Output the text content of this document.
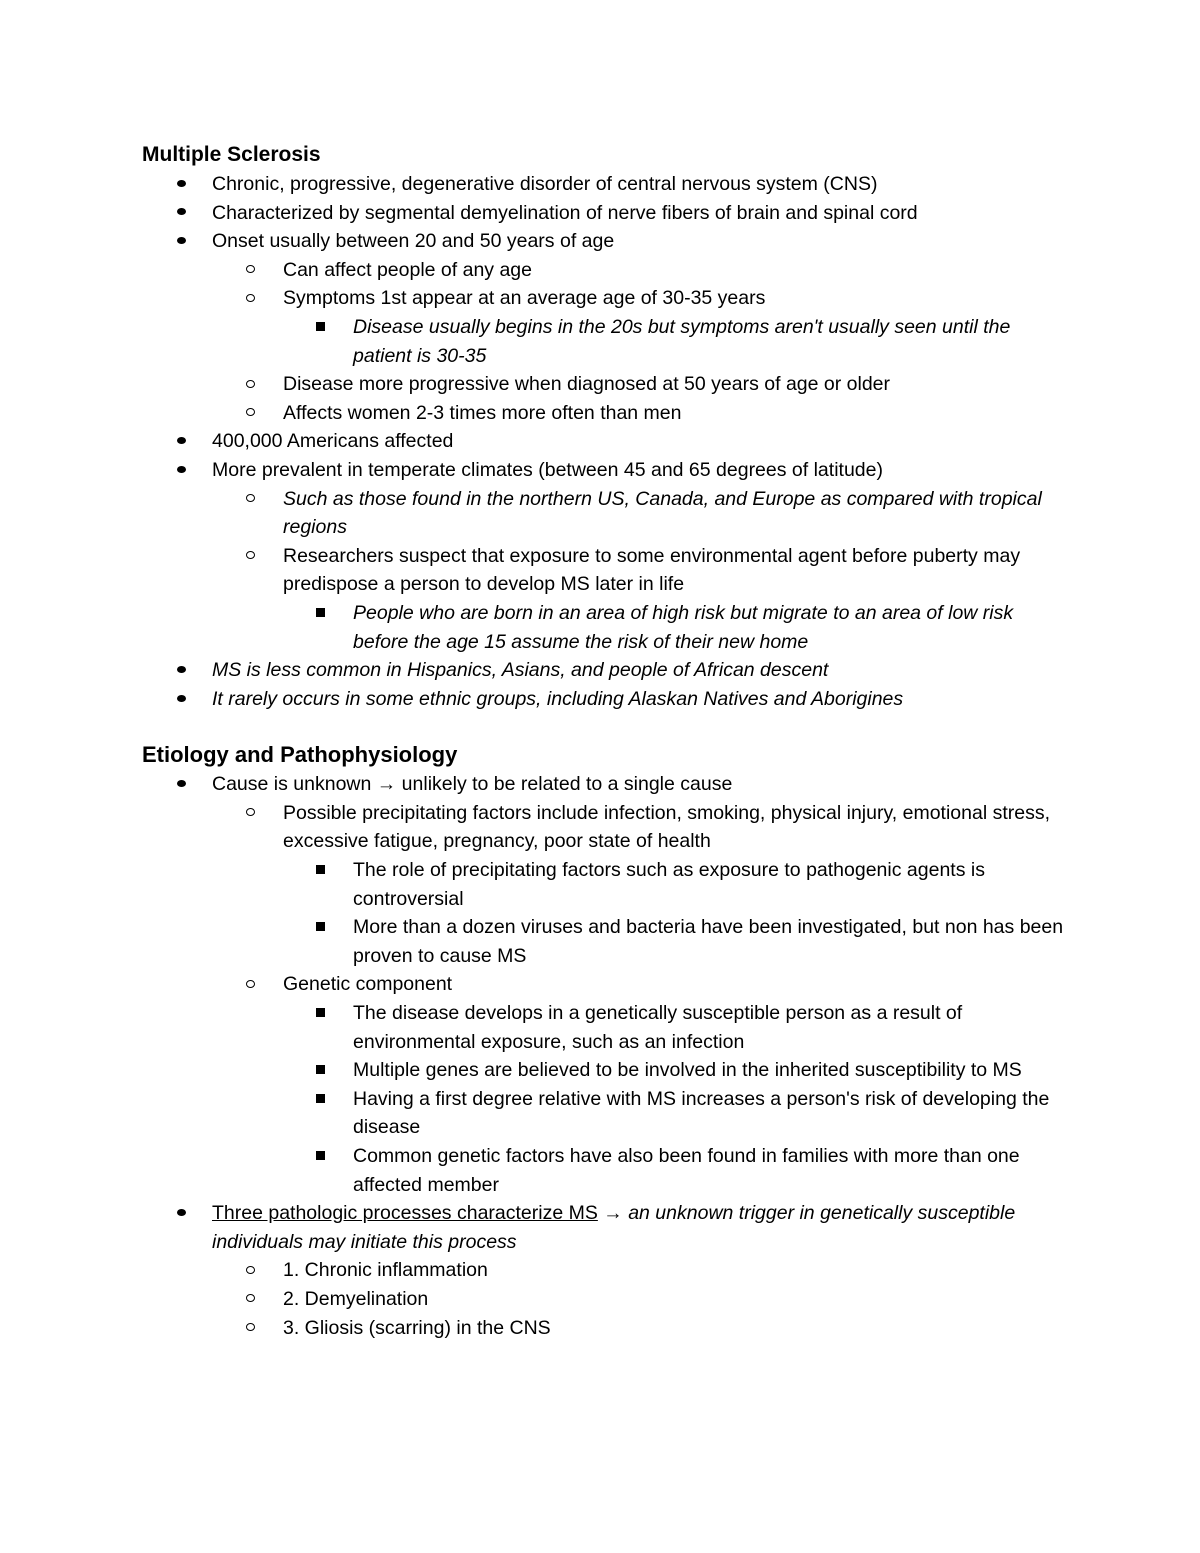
Multiple Sclerosis
Chronic, progressive, degenerative disorder of central nervous system (CNS)
Characterized by segmental demyelination of nerve fibers of brain and spinal cord
Onset usually between 20 and 50 years of age
Can affect people of any age
Symptoms 1st appear at an average age of 30-35 years
Disease usually begins in the 20s but symptoms aren't usually seen until the patient is 30-35
Disease more progressive when diagnosed at 50 years of age or older
Affects women 2-3 times more often than men
400,000 Americans affected
More prevalent in temperate climates (between 45 and 65 degrees of latitude)
Such as those found in the northern US, Canada, and Europe as compared with tropical regions
Researchers suspect that exposure to some environmental agent before puberty may predispose a person to develop MS later in life
People who are born in an area of high risk but migrate to an area of low risk before the age 15 assume the risk of their new home
MS is less common in Hispanics, Asians, and people of African descent
It rarely occurs in some ethnic groups, including Alaskan Natives and Aborigines
Etiology and Pathophysiology
Cause is unknown → unlikely to be related to a single cause
Possible precipitating factors include infection, smoking, physical injury, emotional stress, excessive fatigue, pregnancy, poor state of health
The role of precipitating factors such as exposure to pathogenic agents is controversial
More than a dozen viruses and bacteria have been investigated, but non has been proven to cause MS
Genetic component
The disease develops in a genetically susceptible person as a result of environmental exposure, such as an infection
Multiple genes are believed to be involved in the inherited susceptibility to MS
Having a first degree relative with MS increases a person's risk of developing the disease
Common genetic factors have also been found in families with more than one affected member
Three pathologic processes characterize MS → an unknown trigger in genetically susceptible individuals may initiate this process
1. Chronic inflammation
2. Demyelination
3. Gliosis (scarring) in the CNS
